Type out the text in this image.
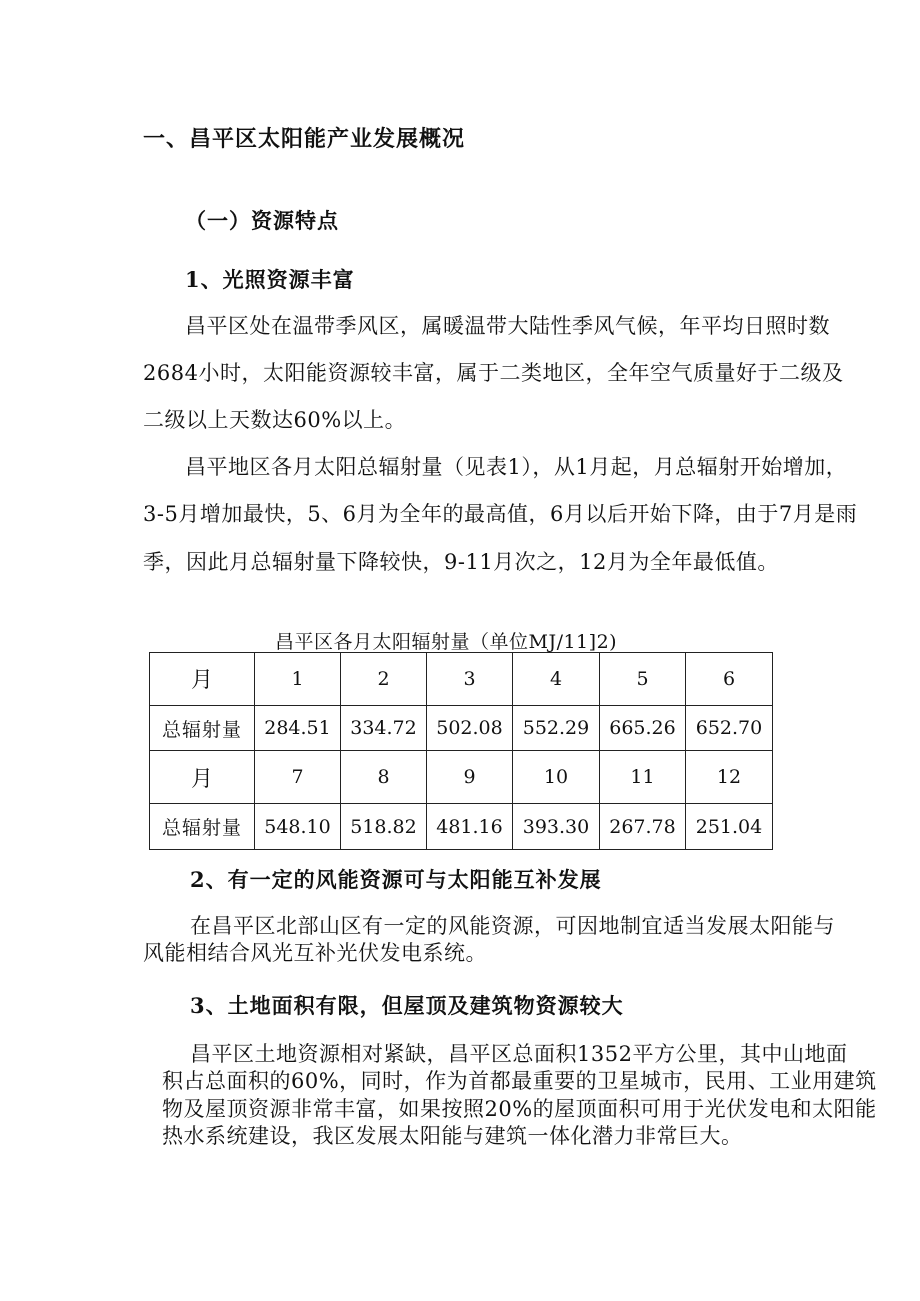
一、昌平区太阳能产业发展概况
（一）资源特点
1、光照资源丰富
昌平区处在温带季风区，属暖温带大陆性季风气候，年平均日照时数
2684小时，太阳能资源较丰富，属于二类地区，全年空气质量好于二级及
二级以上天数达60%以上。
昌平地区各月太阳总辐射量（见表1），从1月起，月总辐射开始增加，
3-5月增加最快，5、6月为全年的最高值，6月以后开始下降，由于7月是雨
季，因此月总辐射量下降较快，9-11月次之，12月为全年最低值。
昌平区各月太阳辐射量（单位MJ/11]2)
月	1	2	3	4	5	6
总辐射量	284.51	334.72	502.08	552.29	665.26	652.70
月	7	8	9	10	11	12
总辐射量	548.10	518.82	481.16	393.30	267.78	251.04
2、有一定的风能资源可与太阳能互补发展
在昌平区北部山区有一定的风能资源，可因地制宜适当发展太阳能与
风能相结合风光互补光伏发电系统。
3、土地面积有限，但屋顶及建筑物资源较大
昌平区土地资源相对紧缺，昌平区总面积1352平方公里，其中山地面
积占总面积的60%，同时，作为首都最重要的卫星城市，民用、工业用建筑
物及屋顶资源非常丰富，如果按照20%的屋顶面积可用于光伏发电和太阳能
热水系统建设，我区发展太阳能与建筑一体化潜力非常巨大。
